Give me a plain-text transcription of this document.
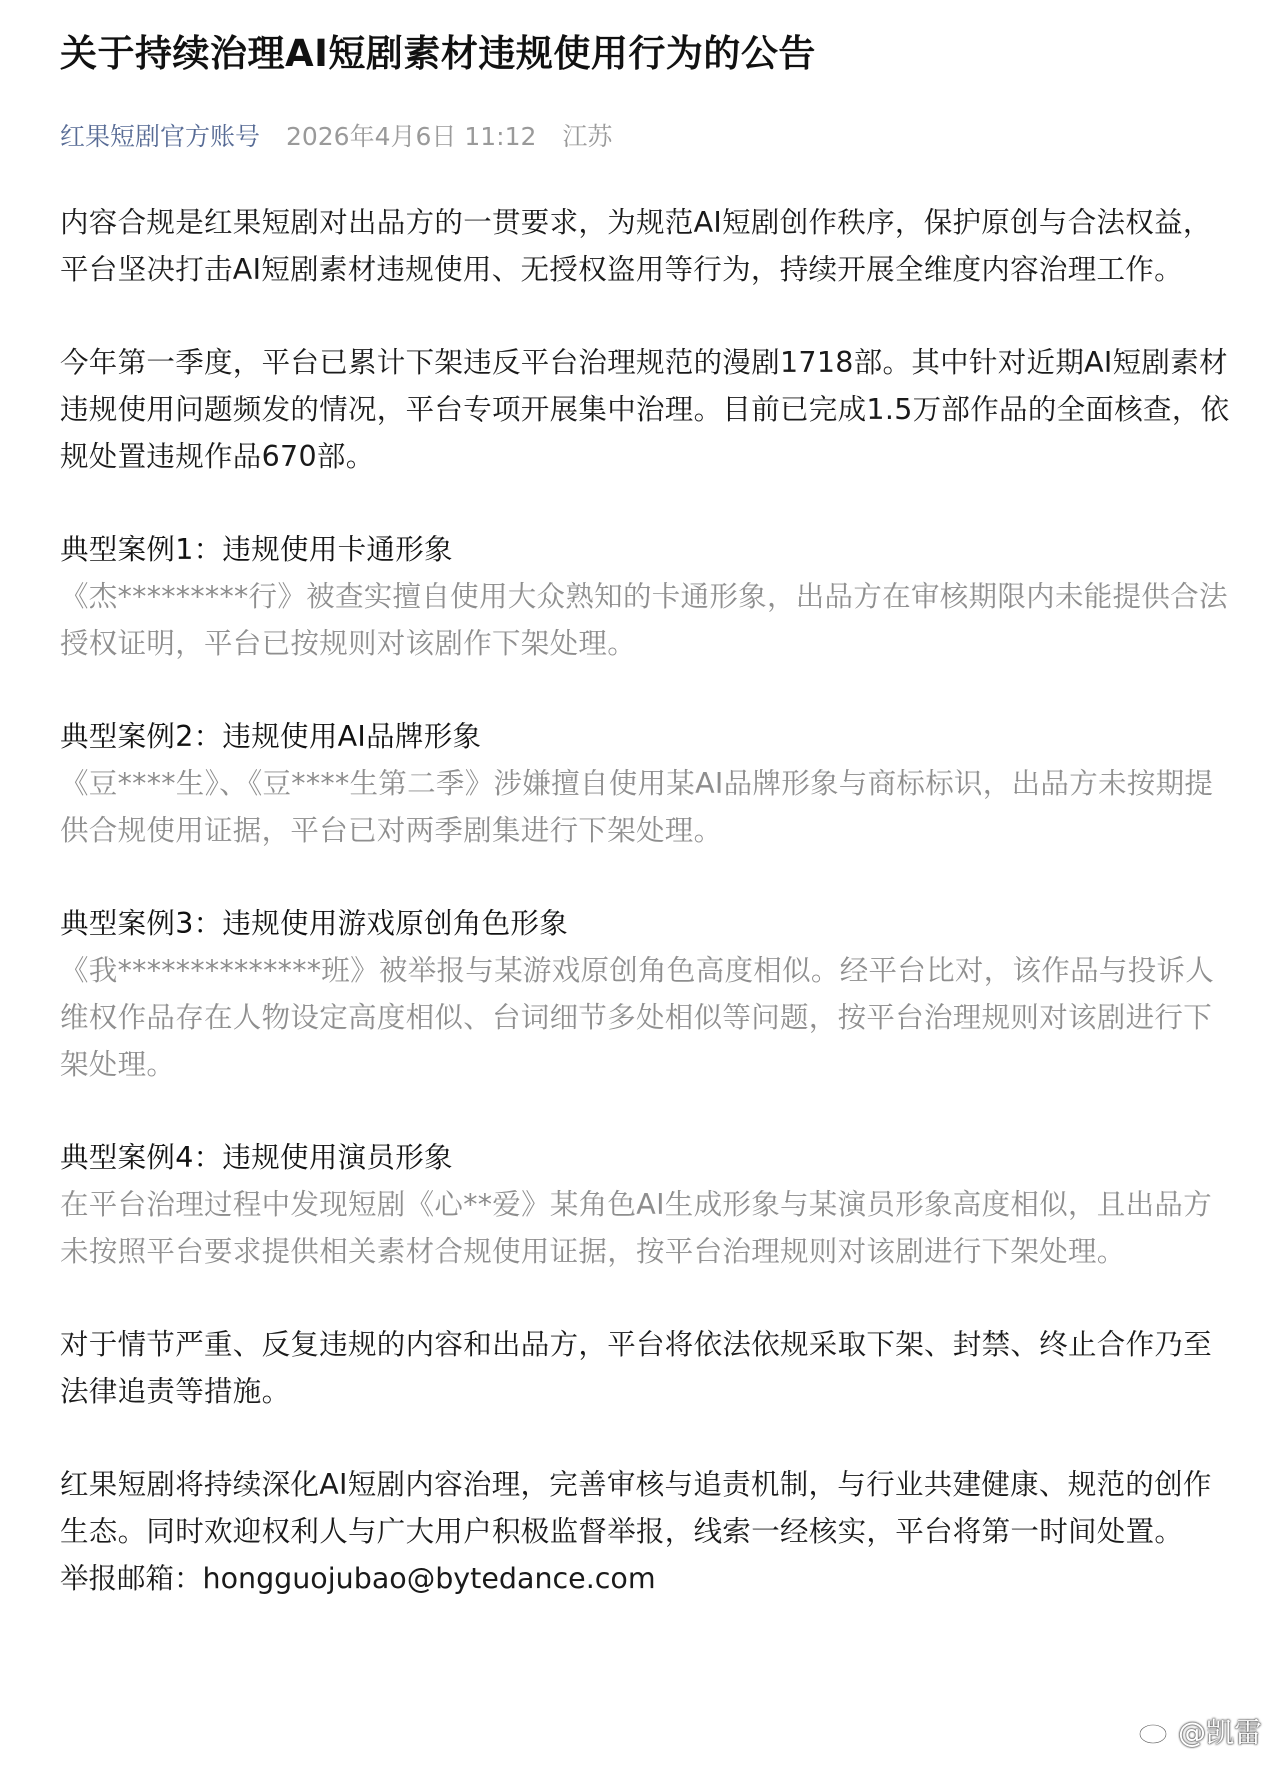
关于持续治理AI短剧素材违规使用行为的公告
红果短剧官方账号 2026年4月6日 11:12 江苏

内容合规是红果短剧对出品方的一贯要求，为规范AI短剧创作秩序，保护原创与合法权益，平台坚决打击AI短剧素材违规使用、无授权盗用等行为，持续开展全维度内容治理工作。

今年第一季度，平台已累计下架违反平台治理规范的漫剧1718部。其中针对近期AI短剧素材违规使用问题频发的情况，平台专项开展集中治理。目前已完成1.5万部作品的全面核查，依规处置违规作品670部。

典型案例1：违规使用卡通形象

《杰*********行》被查实擅自使用大众熟知的卡通形象，出品方在审核期限内未能提供合法授权证明，平台已按规则对该剧作下架处理。

典型案例2：违规使用AI品牌形象

《豆****生》、《豆****生第二季》涉嫌擅自使用某AI品牌形象与商标标识，出品方未按期提供合规使用证据，平台已对两季剧集进行下架处理。

典型案例3：违规使用游戏原创角色形象

《我**************班》被举报与某游戏原创角色高度相似。经平台比对，该作品与投诉人维权作品存在人物设定高度相似、台词细节多处相似等问题，按平台治理规则对该剧进行下架处理。

典型案例4：违规使用演员形象

在平台治理过程中发现短剧《心**爱》某角色AI生成形象与某演员形象高度相似，且出品方未按照平台要求提供相关素材合规使用证据，按平台治理规则对该剧进行下架处理。

对于情节严重、反复违规的内容和出品方，平台将依法依规采取下架、封禁、终止合作乃至法律追责等措施。

红果短剧将持续深化AI短剧内容治理，完善审核与追责机制，与行业共建健康、规范的创作生态。同时欢迎权利人与广大用户积极监督举报，线索一经核实，平台将第一时间处置。

举报邮箱：hongguojubao@bytedance.com

@凯雷
